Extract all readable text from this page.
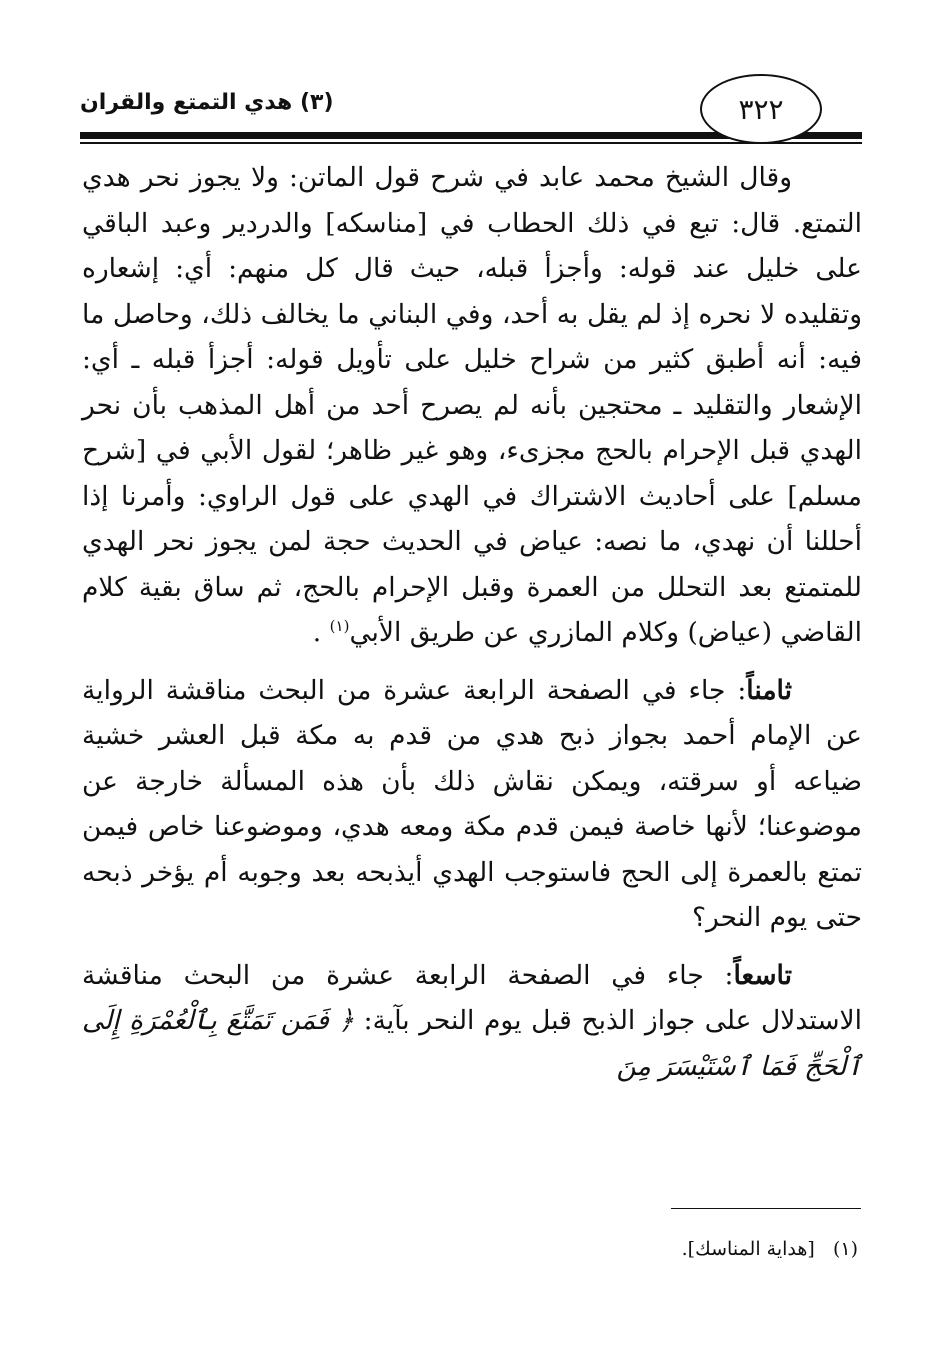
(٣) هدي التمتع والقران	٣٢٢

وقال الشيخ محمد عابد في شرح قول الماتن: ولا يجوز نحر هدي التمتع. قال: تبع في ذلك الحطاب في [مناسكه] والدردير وعبد الباقي على خليل عند قوله: وأجزأ قبله، حيث قال كل منهم: أي: إشعاره وتقليده لا نحره إذ لم يقل به أحد، وفي البناني ما يخالف ذلك، وحاصل ما فيه: أنه أطبق كثير من شراح خليل على تأويل قوله: أجزأ قبله ـ أي: الإشعار والتقليد ـ محتجين بأنه لم يصرح أحد من أهل المذهب بأن نحر الهدي قبل الإحرام بالحج مجزىء، وهو غير ظاهر؛ لقول الأبي في [شرح مسلم] على أحاديث الاشتراك في الهدي على قول الراوي: وأمرنا إذا أحللنا أن نهدي، ما نصه: عياض في الحديث حجة لمن يجوز نحر الهدي للمتمتع بعد التحلل من العمرة وقبل الإحرام بالحج، ثم ساق بقية كلام القاضي (عياض) وكلام المازري عن طريق الأبي$^{(١)}$ .

ثامناً: جاء في الصفحة الرابعة عشرة من البحث مناقشة الرواية عن الإمام أحمد بجواز ذبح هدي من قدم به مكة قبل العشر خشية ضياعه أو سرقته، ويمكن نقاش ذلك بأن هذه المسألة خارجة عن موضوعنا؛ لأنها خاصة فيمن قدم مكة ومعه هدي، وموضوعنا خاص فيمن تمتع بالعمرة إلى الحج فاستوجب الهدي أيذبحه بعد وجوبه أم يؤخر ذبحه حتى يوم النحر؟

تاسعاً: جاء في الصفحة الرابعة عشرة من البحث مناقشة الاستدلال على جواز الذبح قبل يوم النحر بآية: ﴿ فَمَن تَمَتَّعَ بِٱلْعُمْرَةِ إِلَى ٱلْحَجِّ فَمَا ٱسْتَيْسَرَ مِنَ

(١)   [هداية المناسك].
